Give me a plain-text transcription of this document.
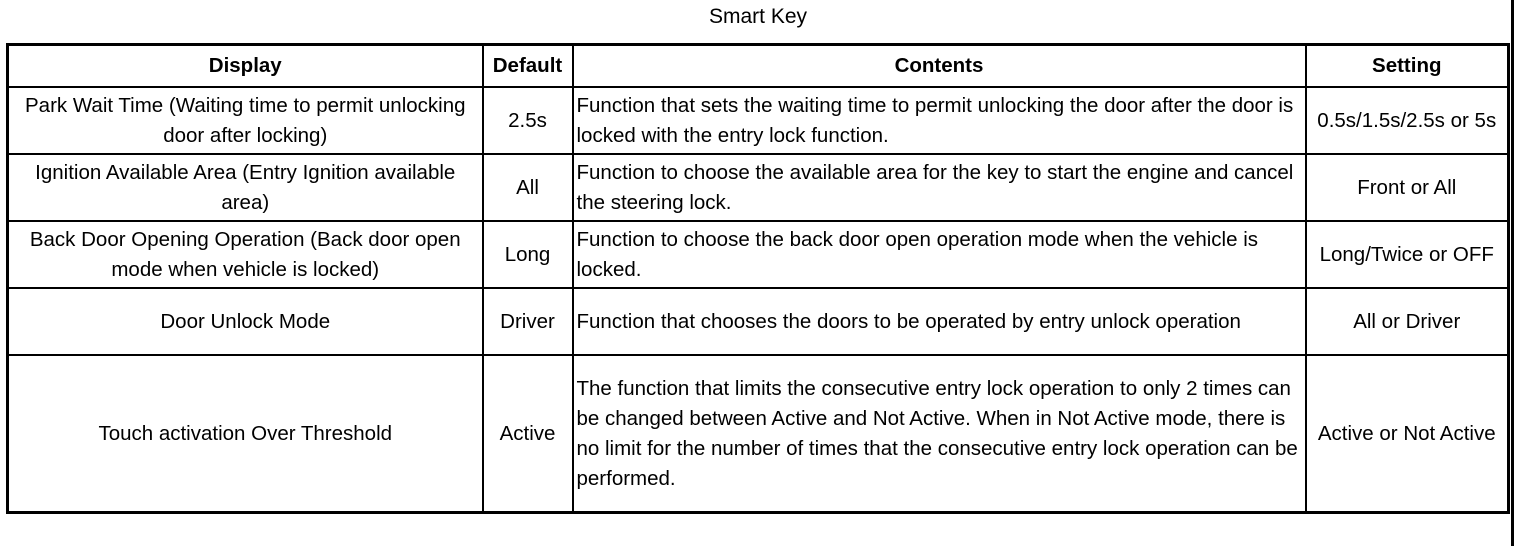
Smart Key
Display	Default	Contents	Setting
Park Wait Time (Waiting time to permit unlocking door after locking)	2.5s	Function that sets the waiting time to permit unlocking the door after the door is locked with the entry lock function.	0.5s/1.5s/2.5s or 5s
Ignition Available Area (Entry Ignition available area)	All	Function to choose the available area for the key to start the engine and cancel the steering lock.	Front or All
Back Door Opening Operation (Back door open mode when vehicle is locked)	Long	Function to choose the back door open operation mode when the vehicle is locked.	Long/Twice or OFF
Door Unlock Mode	Driver	Function that chooses the doors to be operated by entry unlock operation	All or Driver
Touch activation Over Threshold	Active	The function that limits the consecutive entry lock operation to only 2 times can be changed between Active and Not Active. When in Not Active mode, there is no limit for the number of times that the consecutive entry lock operation can be performed.	Active or Not Active
